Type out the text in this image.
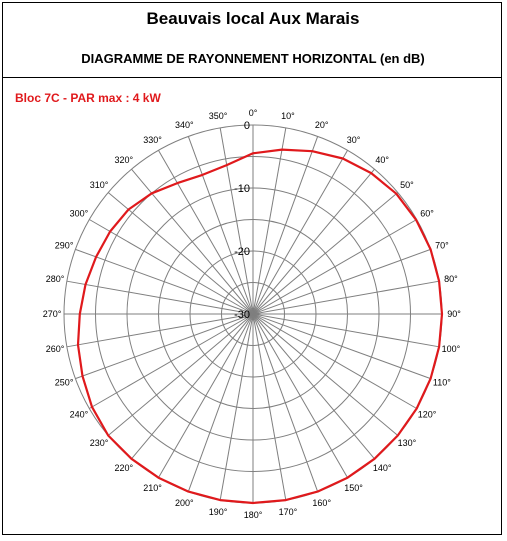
Beauvais local Aux Marais
DIAGRAMME DE RAYONNEMENT HORIZONTAL (en dB)
Bloc 7C - PAR max : 4 kW
0°	10°
20°
30°
40°
50°
60°
70°
80°
90°
100°
110°
120°
130°
140°
150°
160°
170°
180°
190°
200°
210°
220°
230°
240°
250°
260°
270°
280°
290°
300°
310°
320°
330°
340°
350°
0
-10
-20
-30
